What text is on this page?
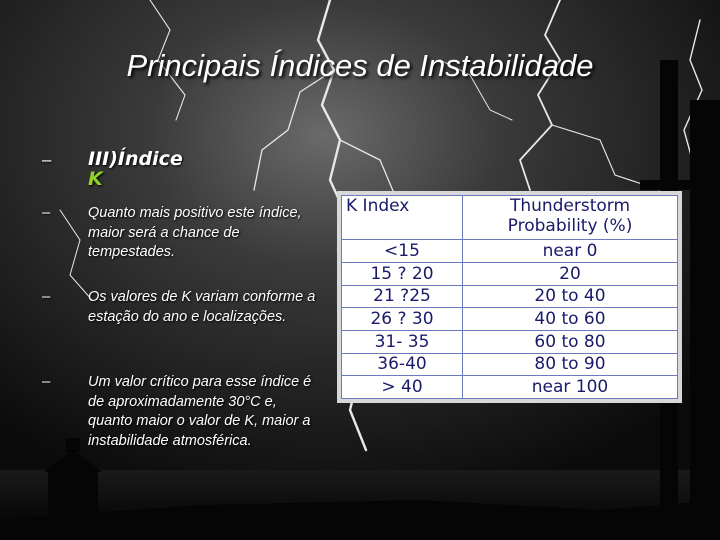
Principais Índices de Instabilidade
– III)Índice K
–	Quanto mais positivo este índice, maior será a chance de tempestades.
–	Os valores de K variam conforme a estação do ano e localizações.
–	Um valor crítico para esse índice é de aproximadamente 30°C e, quanto maior o valor de K, maior a instabilidade atmosférica.
K Index	Thunderstorm Probability (%)
<15	near 0
15 ? 20	20
21 ?25	20 to 40
26 ? 30	40 to 60
31- 35	60 to 80
36-40	80 to 90
> 40	near 100
